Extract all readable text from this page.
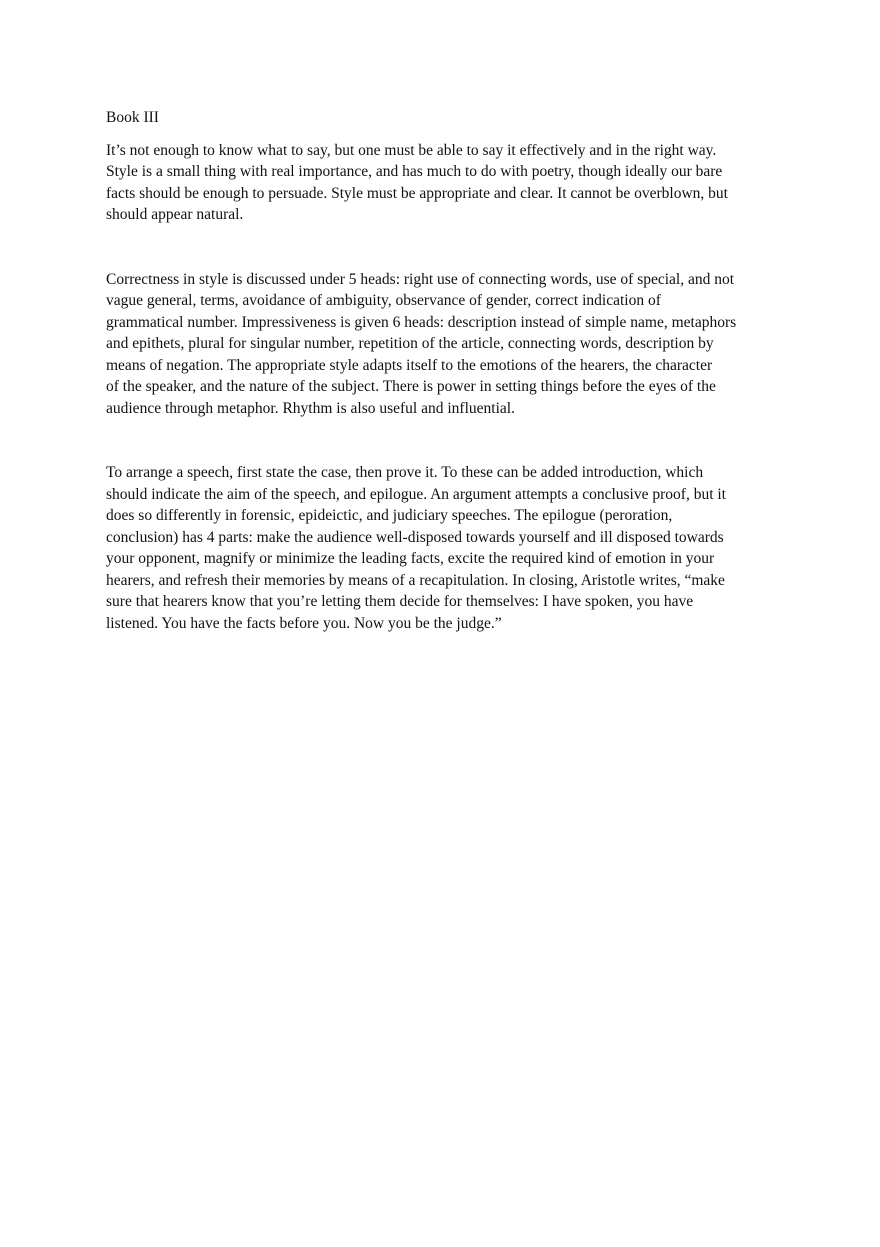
Book III
It’s not enough to know what to say, but one must be able to say it effectively and in the right way.
Style is a small thing with real importance, and has much to do with poetry, though ideally our bare
facts should be enough to persuade. Style must be appropriate and clear. It cannot be overblown, but
should appear natural.
Correctness in style is discussed under 5 heads: right use of connecting words, use of special, and not
vague general, terms, avoidance of ambiguity, observance of gender, correct indication of
grammatical number. Impressiveness is given 6 heads: description instead of simple name, metaphors
and epithets, plural for singular number, repetition of the article, connecting words, description by
means of negation. The appropriate style adapts itself to the emotions of the hearers, the character
of the speaker, and the nature of the subject. There is power in setting things before the eyes of the
audience through metaphor. Rhythm is also useful and influential.
To arrange a speech, first state the case, then prove it. To these can be added introduction, which
should indicate the aim of the speech, and epilogue. An argument attempts a conclusive proof, but it
does so differently in forensic, epideictic, and judiciary speeches. The epilogue (peroration,
conclusion) has 4 parts: make the audience well-disposed towards yourself and ill disposed towards
your opponent, magnify or minimize the leading facts, excite the required kind of emotion in your
hearers, and refresh their memories by means of a recapitulation. In closing, Aristotle writes, “make
sure that hearers know that you’re letting them decide for themselves: I have spoken, you have
listened. You have the facts before you. Now you be the judge.”
